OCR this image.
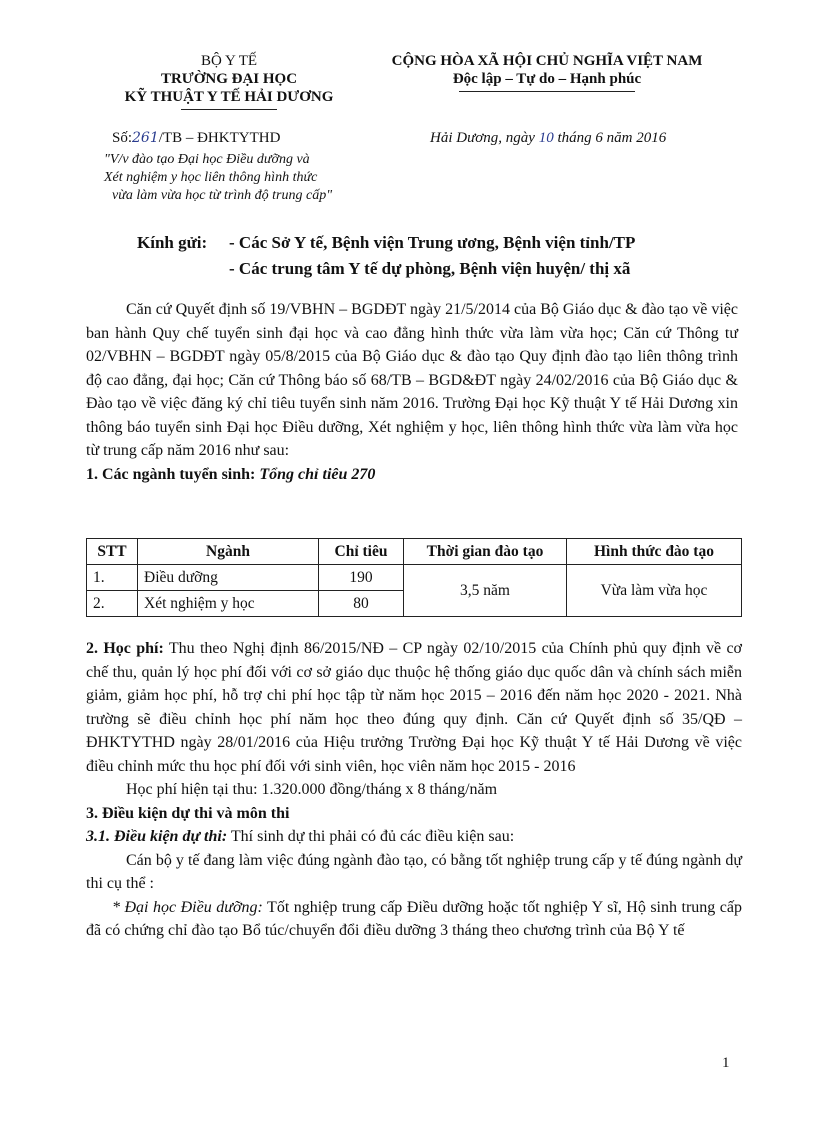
BỘ Y TẾ
TRƯỜNG ĐẠI HỌC
KỸ THUẬT Y TẾ HẢI DƯƠNG
CỘNG HÒA XÃ HỘI CHỦ NGHĨA VIỆT NAM
Độc lập – Tự do – Hạnh phúc
Số:261/TB – ĐHKTYTHD	Hải Dương, ngày 10 tháng 6 năm 2016
"V/v đào tạo Đại học Điều dưỡng và
Xét nghiệm y học liên thông hình thức
vừa làm vừa học từ trình độ trung cấp"
Kính gửi: - Các Sở Y tế, Bệnh viện Trung ương, Bệnh viện tỉnh/TP
- Các trung tâm Y tế dự phòng, Bệnh viện huyện/ thị xã

Căn cứ Quyết định số 19/VBHN – BGDĐT ngày 21/5/2014 của Bộ Giáo dục & đào tạo về việc ban hành Quy chế tuyển sinh đại học và cao đẳng hình thức vừa làm vừa học; Căn cứ Thông tư 02/VBHN – BGDĐT ngày 05/8/2015 của Bộ Giáo dục & đào tạo Quy định đào tạo liên thông trình độ cao đẳng, đại học; Căn cứ Thông báo số 68/TB – BGD&ĐT ngày 24/02/2016 của Bộ Giáo dục & Đào tạo về việc đăng ký chỉ tiêu tuyển sinh năm 2016. Trường Đại học Kỹ thuật Y tế Hải Dương xin thông báo tuyển sinh Đại học Điều dưỡng, Xét nghiệm y học, liên thông hình thức vừa làm vừa học từ trung cấp năm 2016 như sau:

1. Các ngành tuyển sinh: Tổng chỉ tiêu 270

STT	Ngành	Chỉ tiêu	Thời gian đào tạo	Hình thức đào tạo
1.	Điều dưỡng	190	3,5 năm	Vừa làm vừa học
2.	Xét nghiệm y học	80		

2. Học phí: Thu theo Nghị định 86/2015/NĐ – CP ngày 02/10/2015 của Chính phủ quy định về cơ chế thu, quản lý học phí đối với cơ sở giáo dục thuộc hệ thống giáo dục quốc dân và chính sách miễn giảm, giảm học phí, hỗ trợ chi phí học tập từ năm học 2015 – 2016 đến năm học 2020 - 2021. Nhà trường sẽ điều chỉnh học phí năm học theo đúng quy định. Căn cứ Quyết định số 35/QĐ – ĐHKTYTHD ngày 28/01/2016 của Hiệu trưởng Trường Đại học Kỹ thuật Y tế Hải Dương về việc điều chỉnh mức thu học phí đối với sinh viên, học viên năm học 2015 - 2016

Học phí hiện tại thu: 1.320.000 đồng/tháng x 8 tháng/năm

3. Điều kiện dự thi và môn thi

3.1. Điều kiện dự thi: Thí sinh dự thi phải có đủ các điều kiện sau:

Cán bộ y tế đang làm việc đúng ngành đào tạo, có bằng tốt nghiệp trung cấp y tế đúng ngành dự thi cụ thể :

* Đại học Điều dưỡng: Tốt nghiệp trung cấp Điều dưỡng hoặc tốt nghiệp Y sĩ, Hộ sinh trung cấp đã có chứng chỉ đào tạo Bổ túc/chuyển đổi điều dưỡng 3 tháng theo chương trình của Bộ Y tế

1
